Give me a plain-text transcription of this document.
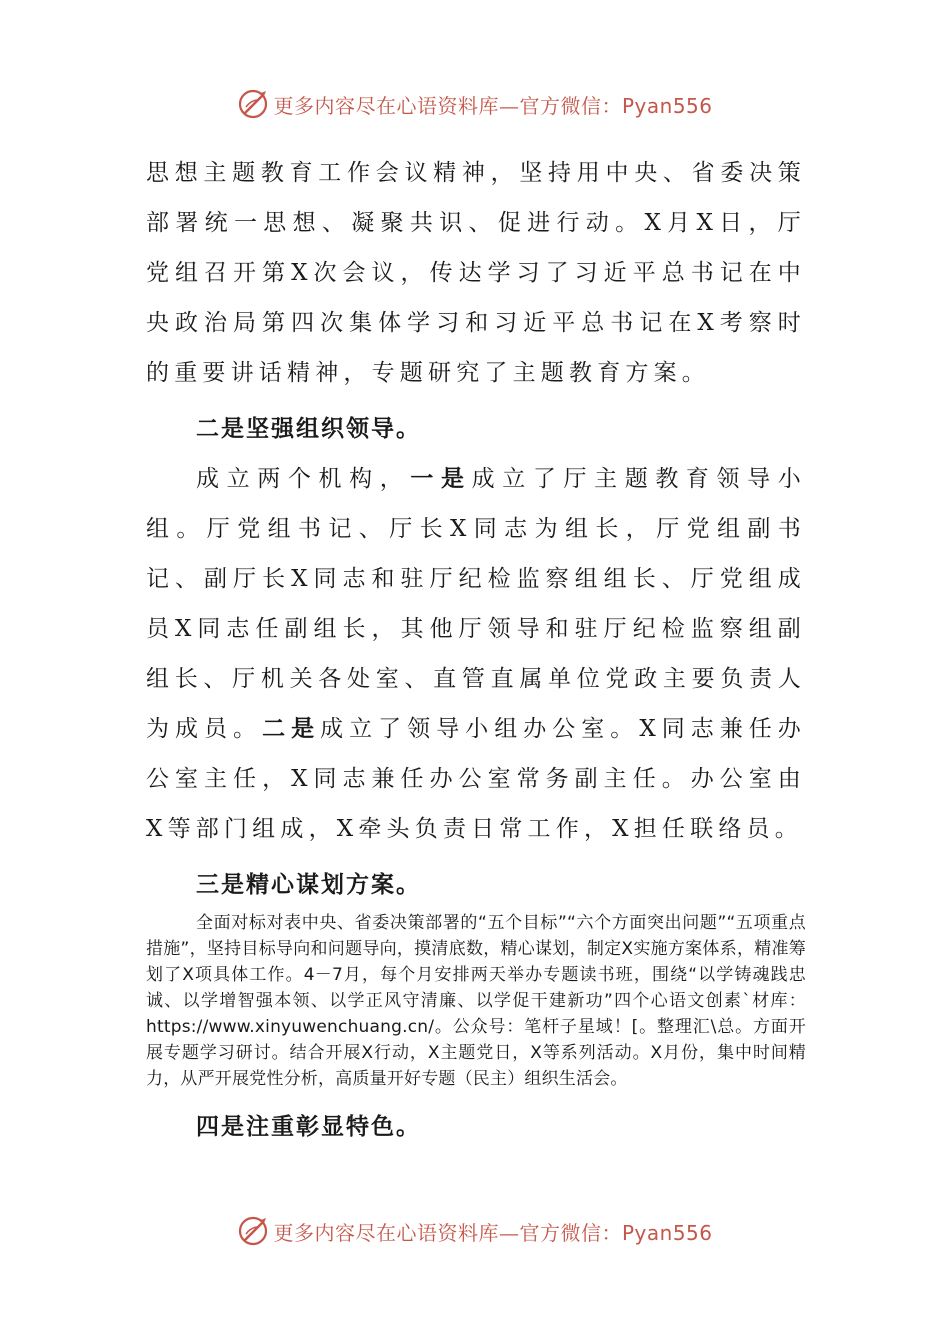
更多内容尽在心语资料库—官方微信：Pyan556

思想主题教育工作会议精神，坚持用中央、省委决策部署统一思想、凝聚共识、促进行动。X月X日，厅党组召开第X次会议，传达学习了习近平总书记在中央政治局第四次集体学习和习近平总书记在X考察时的重要讲话精神，专题研究了主题教育方案。

二是坚强组织领导。

成立两个机构，一是成立了厅主题教育领导小组。厅党组书记、厅长X同志为组长，厅党组副书记、副厅长X同志和驻厅纪检监察组组长、厅党组成员X同志任副组长，其他厅领导和驻厅纪检监察组副组长、厅机关各处室、直管直属单位党政主要负责人为成员。二是成立了领导小组办公室。X同志兼任办公室主任，X同志兼任办公室常务副主任。办公室由X等部门组成，X牵头负责日常工作，X担任联络员。

三是精心谋划方案。

全面对标对表中央、省委决策部署的“五个目标”“六个方面突出问题”“五项重点措施”，坚持目标导向和问题导向，摸清底数，精心谋划，制定X实施方案体系，精准筹划了X项具体工作。4－7月，每个月安排两天举办专题读书班，围绕“以学铸魂践忠诚、以学增智强本领、以学正风守清廉、以学促干建新功”四个心语文创素`材库：https://www.xinyuwenchuang.cn/。公众号：笔杆子星域！[。整理汇\总。方面开展专题学习研讨。结合开展X行动，X主题党日，X等系列活动。X月份，集中时间精力，从严开展党性分析，高质量开好专题（民主）组织生活会。

四是注重彰显特色。

更多内容尽在心语资料库—官方微信：Pyan556
